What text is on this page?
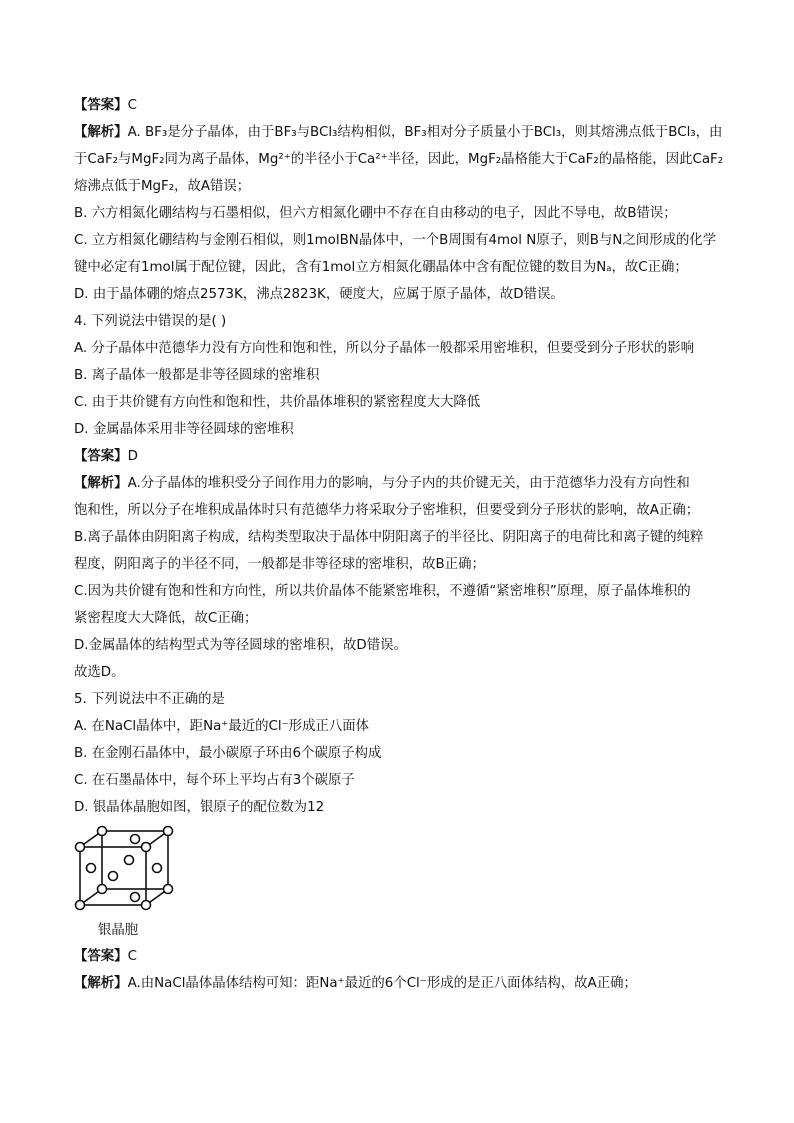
【答案】C
【解析】A. BF₃是分子晶体，由于BF₃与BCl₃结构相似，BF₃相对分子质量小于BCl₃，则其熔沸点低于BCl₃，由
于CaF₂与MgF₂同为离子晶体，Mg²⁺的半径小于Ca²⁺半径，因此，MgF₂晶格能大于CaF₂的晶格能，因此CaF₂
熔沸点低于MgF₂，故A错误；
B. 六方相氮化硼结构与石墨相似，但六方相氮化硼中不存在自由移动的电子，因此不导电，故B错误；
C. 立方相氮化硼结构与金刚石相似，则1molBN晶体中，一个B周围有4mol N原子，则B与N之间形成的化学
键中必定有1mol属于配位键，因此，含有1mol立方相氮化硼晶体中含有配位键的数目为Nₐ，故C正确；
D. 由于晶体硼的熔点2573K，沸点2823K，硬度大，应属于原子晶体，故D错误。
4. 下列说法中错误的是( )
A. 分子晶体中范德华力没有方向性和饱和性，所以分子晶体一般都采用密堆积，但要受到分子形状的影响
B. 离子晶体一般都是非等径圆球的密堆积
C. 由于共价键有方向性和饱和性，共价晶体堆积的紧密程度大大降低
D. 金属晶体采用非等径圆球的密堆积
【答案】D
【解析】A.分子晶体的堆积受分子间作用力的影响，与分子内的共价键无关，由于范德华力没有方向性和
饱和性，所以分子在堆积成晶体时只有范德华力将采取分子密堆积，但要受到分子形状的影响，故A正确；
B.离子晶体由阴阳离子构成，结构类型取决于晶体中阴阳离子的半径比、阴阳离子的电荷比和离子键的纯粹
程度，阴阳离子的半径不同，一般都是非等径球的密堆积，故B正确；
C.因为共价键有饱和性和方向性，所以共价晶体不能紧密堆积，不遵循“紧密堆积”原理，原子晶体堆积的
紧密程度大大降低，故C正确；
D.金属晶体的结构型式为等径圆球的密堆积，故D错误。
故选D。
5. 下列说法中不正确的是
A. 在NaCl晶体中，距Na⁺最近的Cl⁻形成正八面体
B. 在金刚石晶体中，最小碳原子环由6个碳原子构成
C. 在石墨晶体中，每个环上平均占有3个碳原子
D. 银晶体晶胞如图，银原子的配位数为12
银晶胞
【答案】C
【解析】A.由NaCl晶体晶体结构可知：距Na⁺最近的6个Cl⁻形成的是正八面体结构，故A正确；
